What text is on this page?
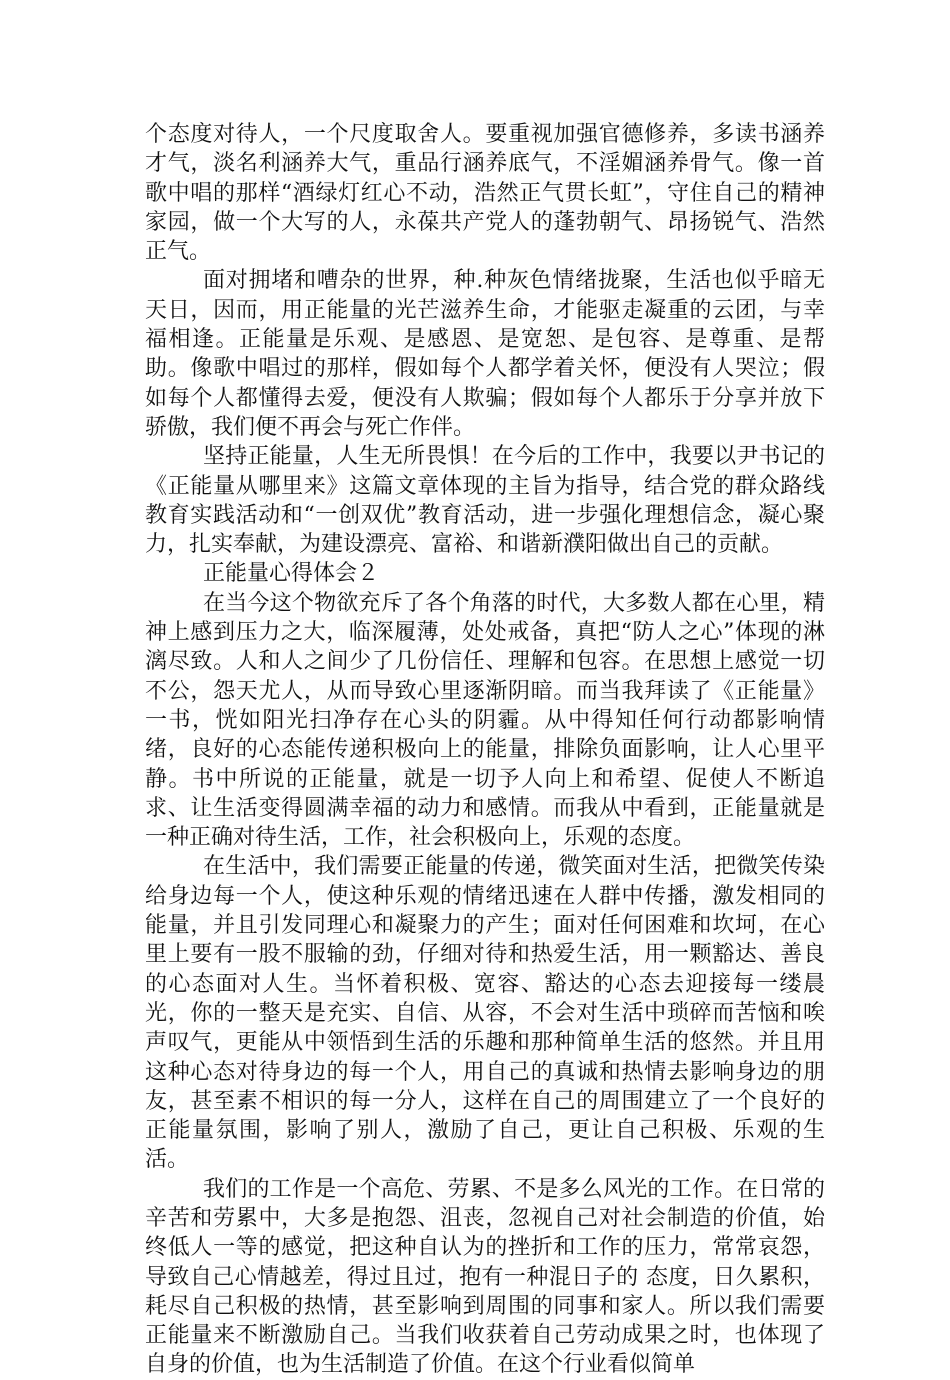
个态度对待人，一个尺度取舍人。要重视加强官德修养，多读书涵养才气，淡名利涵养大气，重品行涵养底气，不淫媚涵养骨气。像一首歌中唱的那样“酒绿灯红心不动，浩然正气贯长虹”，守住自己的精神家园，做一个大写的人，永葆共产党人的蓬勃朝气、昂扬锐气、浩然正气。

面对拥堵和嘈杂的世界，种.种灰色情绪拢聚，生活也似乎暗无天日，因而，用正能量的光芒滋养生命，才能驱走凝重的云团，与幸福相逢。正能量是乐观、是感恩、是宽恕、是包容、是尊重、是帮助。像歌中唱过的那样，假如每个人都学着关怀，便没有人哭泣；假如每个人都懂得去爱，便没有人欺骗；假如每个人都乐于分享并放下骄傲，我们便不再会与死亡作伴。

坚持正能量，人生无所畏惧！在今后的工作中，我要以尹书记的《正能量从哪里来》这篇文章体现的主旨为指导，结合党的群众路线教育实践活动和“一创双优”教育活动，进一步强化理想信念，凝心聚力，扎实奉献，为建设漂亮、富裕、和谐新濮阳做出自己的贡献。

正能量心得体会２

在当今这个物欲充斥了各个角落的时代，大多数人都在心里，精神上感到压力之大，临深履薄，处处戒备，真把“防人之心”体现的淋漓尽致。人和人之间少了几份信任、理解和包容。在思想上感觉一切不公，怨天尤人，从而导致心里逐渐阴暗。而当我拜读了《正能量》一书，恍如阳光扫净存在心头的阴霾。从中得知任何行动都影响情绪，良好的心态能传递积极向上的能量，排除负面影响，让人心里平静。书中所说的正能量，就是一切予人向上和希望、促使人不断追求、让生活变得圆满幸福的动力和感情。而我从中看到，正能量就是一种正确对待生活，工作，社会积极向上，乐观的态度。

在生活中，我们需要正能量的传递，微笑面对生活，把微笑传染给身边每一个人，使这种乐观的情绪迅速在人群中传播，激发相同的能量，并且引发同理心和凝聚力的产生；面对任何困难和坎坷，在心里上要有一股不服输的劲，仔细对待和热爱生活，用一颗豁达、善良的心态面对人生。当怀着积极、宽容、豁达的心态去迎接每一缕晨光，你的一整天是充实、自信、从容，不会对生活中琐碎而苦恼和唉声叹气，更能从中领悟到生活的乐趣和那种简单生活的悠然。并且用这种心态对待身边的每一个人，用自己的真诚和热情去影响身边的朋友，甚至素不相识的每一分人，这样在自己的周围建立了一个良好的正能量氛围，影响了别人，激励了自己，更让自己积极、乐观的生活。

我们的工作是一个高危、劳累、不是多么风光的工作。在日常的辛苦和劳累中，大多是抱怨、沮丧，忽视自己对社会制造的价值，始终低人一等的感觉，把这种自认为的挫折和工作的压力，常常哀怨，导致自己心情越差，得过且过，抱有一种混日子的 态度，日久累积，耗尽自己积极的热情，甚至影响到周围的同事和家人。所以我们需要正能量来不断激励自己。当我们收获着自己劳动成果之时，也体现了自身的价值，也为生活制造了价值。在这个行业看似简单
